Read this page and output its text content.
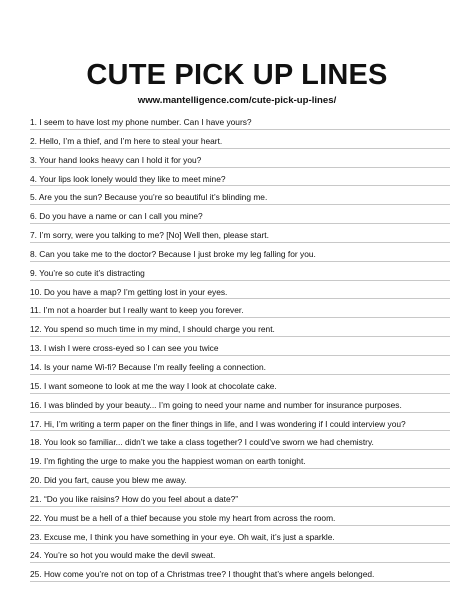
CUTE PICK UP LINES
www.mantelligence.com/cute-pick-up-lines/
1. I seem to have lost my phone number. Can I have yours?
2. Hello, I’m a thief, and I’m here to steal your heart.
3. Your hand looks heavy can I hold it for you?
4. Your lips look lonely would they like to meet mine?
5. Are you the sun? Because you’re so beautiful it’s blinding me.
6. Do you have a name or can I call you mine?
7. I’m sorry, were you talking to me? [No] Well then, please start.
8. Can you take me to the doctor? Because I just broke my leg falling for you.
9. You’re so cute it’s distracting
10. Do you have a map? I’m getting lost in your eyes.
11. I’m not a hoarder but I really want to keep you forever.
12. You spend so much time in my mind, I should charge you rent.
13. I wish I were cross-eyed so I can see you twice
14. Is your name Wi-fi? Because I’m really feeling a connection.
15. I want someone to look at me the way I look at chocolate cake.
16. I was blinded by your beauty... I’m going to need your name and number for insurance purposes.
17. Hi, I’m writing a term paper on the finer things in life, and I was wondering if I could interview you?
18. You look so familiar... didn’t we take a class together? I could’ve sworn we had chemistry.
19. I’m fighting the urge to make you the happiest woman on earth tonight.
20. Did you fart, cause you blew me away.
21. “Do you like raisins? How do you feel about a date?”
22. You must be a hell of a thief because you stole my heart from across the room.
23. Excuse me, I think you have something in your eye. Oh wait, it’s just a sparkle.
24. You’re so hot you would make the devil sweat.
25. How come you’re not on top of a Christmas tree? I thought that’s where angels belonged.
